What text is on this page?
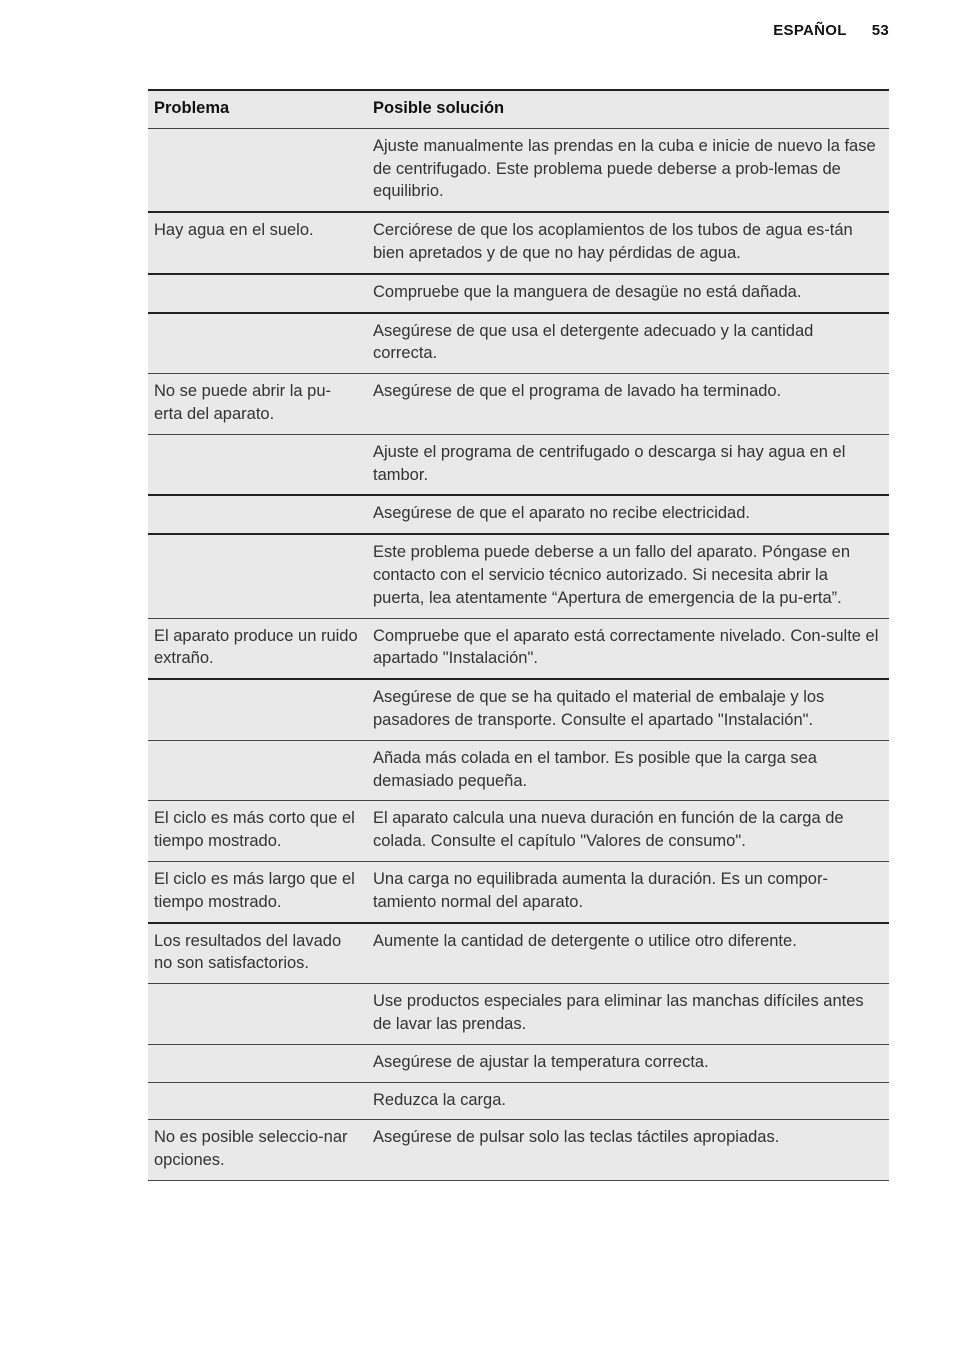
ESPAÑOL 53
Problema	Posible solución
	Ajuste manualmente las prendas en la cuba e inicie de nuevo la fase de centrifugado. Este problema puede deberse a prob-lemas de equilibrio.
Hay agua en el suelo.	Cerciórese de que los acoplamientos de los tubos de agua es-tán bien apretados y de que no hay pérdidas de agua.
	Compruebe que la manguera de desagüe no está dañada.
	Asegúrese de que usa el detergente adecuado y la cantidad correcta.
No se puede abrir la pu-erta del aparato.	Asegúrese de que el programa de lavado ha terminado.
	Ajuste el programa de centrifugado o descarga si hay agua en el tambor.
	Asegúrese de que el aparato no recibe electricidad.
	Este problema puede deberse a un fallo del aparato. Póngase en contacto con el servicio técnico autorizado. Si necesita abrir la puerta, lea atentamente “Apertura de emergencia de la pu-erta”.
El aparato produce un ruido extraño.	Compruebe que el aparato está correctamente nivelado. Con-sulte el apartado "Instalación".
	Asegúrese de que se ha quitado el material de embalaje y los pasadores de transporte. Consulte el apartado "Instalación".
	Añada más colada en el tambor. Es posible que la carga sea demasiado pequeña.
El ciclo es más corto que el tiempo mostrado.	El aparato calcula una nueva duración en función de la carga de colada. Consulte el capítulo "Valores de consumo".
El ciclo es más largo que el tiempo mostrado.	Una carga no equilibrada aumenta la duración. Es un compor-tamiento normal del aparato.
Los resultados del lavado no son satisfactorios.	Aumente la cantidad de detergente o utilice otro diferente.
	Use productos especiales para eliminar las manchas difíciles antes de lavar las prendas.
	Asegúrese de ajustar la temperatura correcta.
	Reduzca la carga.
No es posible seleccio-nar opciones.	Asegúrese de pulsar solo las teclas táctiles apropiadas.
